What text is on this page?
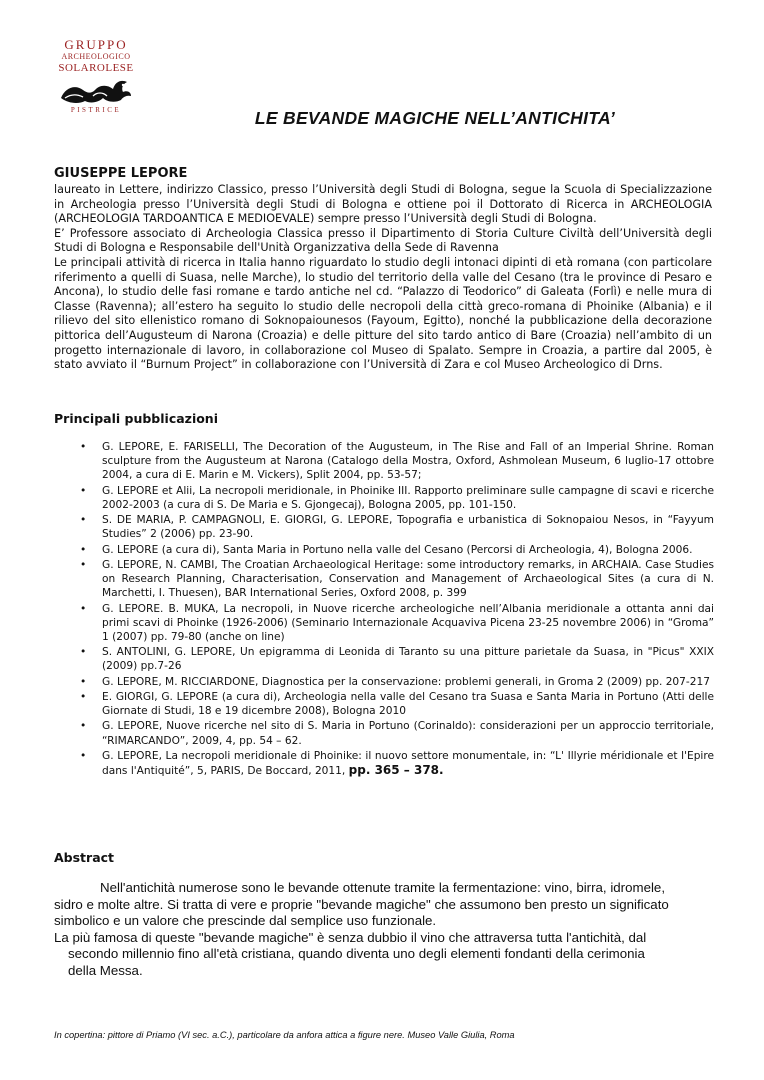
GRUPPO
ARCHEOLOGICO
SOLAROLESE
PISTRICE	LE BEVANDE MAGICHE NELL’ANTICHITA’
GIUSEPPE LEPORE

laureato in Lettere, indirizzo Classico, presso l’Università degli Studi di Bologna, segue la Scuola di Specializzazione in Archeologia presso l’Università degli Studi di Bologna e ottiene poi il Dottorato di Ricerca in ARCHEOLOGIA (ARCHEOLOGIA TARDOANTICA E MEDIOEVALE) sempre presso l’Università degli Studi di Bologna.

E’ Professore associato di Archeologia Classica presso il Dipartimento di Storia Culture Civiltà dell’Università degli Studi di Bologna e Responsabile dell'Unità Organizzativa della Sede di Ravenna

Le principali attività di ricerca in Italia hanno riguardato lo studio degli intonaci dipinti di età romana (con particolare riferimento a quelli di Suasa, nelle Marche), lo studio del territorio della valle del Cesano (tra le province di Pesaro e Ancona), lo studio delle fasi romane e tardo antiche nel cd. “Palazzo di Teodorico” di Galeata (Forlì) e nelle mura di Classe (Ravenna); all’estero ha seguito lo studio delle necropoli della città greco-romana di Phoinike (Albania) e il rilievo del sito ellenistico romano di Soknopaiounesos (Fayoum, Egitto), nonché la pubblicazione della decorazione pittorica dell’Augusteum di Narona (Croazia) e delle pitture del sito tardo antico di Bare (Croazia) nell’ambito di un progetto internazionale di lavoro, in collaborazione col Museo di Spalato. Sempre in Croazia, a partire dal 2005, è stato avviato il “Burnum Project” in collaborazione con l’Università di Zara e col Museo Archeologico di Drns.

Principali pubblicazioni
• G. LEPORE, E. FARISELLI, The Decoration of the Augusteum, in The Rise and Fall of an Imperial Shrine. Roman sculpture from the Augusteum at Narona (Catalogo della Mostra, Oxford, Ashmolean Museum, 6 luglio-17 ottobre 2004, a cura di E. Marin e M. Vickers), Split 2004, pp. 53-57;
• G. LEPORE et Alii, La necropoli meridionale, in Phoinike III. Rapporto preliminare sulle campagne di scavi e ricerche 2002-2003 (a cura di S. De Maria e S. Gjongecaj), Bologna 2005, pp. 101-150.
• S. DE MARIA, P. CAMPAGNOLI, E. GIORGI, G. LEPORE, Topografia e urbanistica di Soknopaiou Nesos, in “Fayyum Studies” 2 (2006) pp. 23-90.
• G. LEPORE (a cura di), Santa Maria in Portuno nella valle del Cesano (Percorsi di Archeologia, 4), Bologna 2006.
• G. LEPORE, N. CAMBI, The Croatian Archaeological Heritage: some introductory remarks, in ARCHAIA. Case Studies on Research Planning, Characterisation, Conservation and Management of Archaeological Sites (a cura di N. Marchetti, I. Thuesen), BAR International Series, Oxford 2008, p. 399
• G. LEPORE. B. MUKA, La necropoli, in Nuove ricerche archeologiche nell’Albania meridionale a ottanta anni dai primi scavi di Phoinke (1926-2006) (Seminario Internazionale Acquaviva Picena 23-25 novembre 2006) in “Groma” 1 (2007) pp. 79-80 (anche on line)
• S. ANTOLINI, G. LEPORE, Un epigramma di Leonida di Taranto su una pitture parietale da Suasa, in "Picus" XXIX (2009) pp.7-26
• G. LEPORE, M. RICCIARDONE, Diagnostica per la conservazione: problemi generali, in Groma 2 (2009) pp. 207-217
• E. GIORGI, G. LEPORE (a cura di), Archeologia nella valle del Cesano tra Suasa e Santa Maria in Portuno (Atti delle Giornate di Studi, 18 e 19 dicembre 2008), Bologna 2010
• G. LEPORE, Nuove ricerche nel sito di S. Maria in Portuno (Corinaldo): considerazioni per un approccio territoriale, “RIMARCANDO”, 2009, 4, pp. 54 – 62.
• G. LEPORE, La necropoli meridionale di Phoinike: il nuovo settore monumentale, in: “L' Illyrie méridionale et l'Epire dans l'Antiquité”, 5, PARIS, De Boccard, 2011, pp. 365 – 378.
Abstract

Nell'antichità numerose sono le bevande ottenute tramite la fermentazione: vino, birra, idromele, sidro e molte altre. Si tratta di vere e proprie "bevande magiche" che assumono ben presto un significato simbolico e un valore che prescinde dal semplice uso funzionale.

La più famosa di queste "bevande magiche" è senza dubbio il vino che attraversa tutta l'antichità, dal secondo millennio fino all'età cristiana, quando diventa uno degli elementi fondanti della cerimonia della Messa.

In copertina: pittore di Priamo (VI sec. a.C.), particolare da anfora attica a figure nere. Museo Valle Giulia, Roma
